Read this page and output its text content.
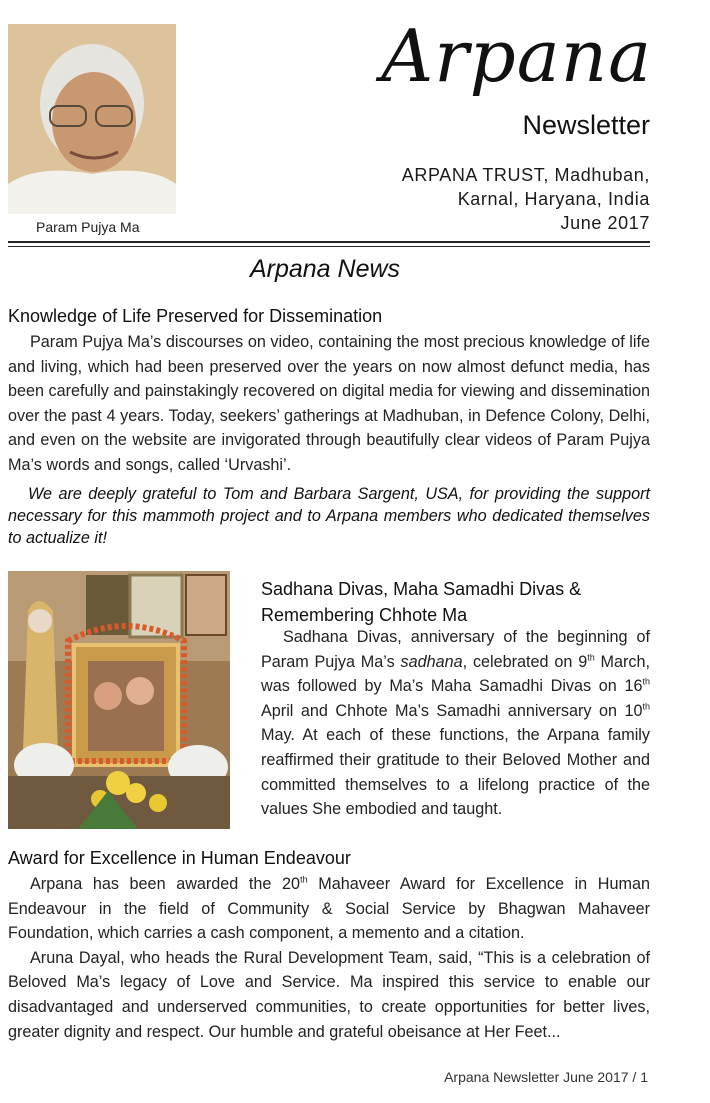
Param Pujya Ma
Arpana
Newsletter
ARPANA TRUST, Madhuban,
Karnal, Haryana, India
June 2017
Arpana News
Knowledge of Life Preserved for Dissemination

Param Pujya Ma’s discourses on video, containing the most precious knowledge of life and living, which had been preserved over the years on now almost defunct media, has been carefully and painstakingly recovered on digital media for viewing and dissemination over the past 4 years. Today, seekers’ gatherings at Madhuban, in Defence Colony, Delhi, and even on the website are invigorated through beautifully clear videos of Param Pujya Ma’s words and songs, called ‘Urvashi’.

We are deeply grateful to Tom and Barbara Sargent, USA, for providing the support necessary for this mammoth project and to Arpana members who dedicated themselves to actualize it!
Sadhana Divas, Maha Samadhi Divas &
Remembering Chhote Ma

Sadhana Divas, anniversary of the beginning of Param Pujya Ma’s sadhana, celebrated on 9th March, was followed by Ma’s Maha Samadhi Divas on 16th April and Chhote Ma’s Samadhi anniversary on 10th May. At each of these functions, the Arpana family reaffirmed their gratitude to their Beloved Mother and committed themselves to a lifelong practice of the values She embodied and taught.

Award for Excellence in Human Endeavour

Arpana has been awarded the 20th Mahaveer Award for Excellence in Human Endeavour in the field of Community & Social Service by Bhagwan Mahaveer Foundation, which carries a cash component, a memento and a citation.

Aruna Dayal, who heads the Rural Development Team, said, “This is a celebration of Beloved Ma’s legacy of Love and Service. Ma inspired this service to enable our disadvantaged and underserved communities, to create opportunities for better lives, greater dignity and respect. Our humble and grateful obeisance at Her Feet...

Arpana Newsletter June 2017 / 1
